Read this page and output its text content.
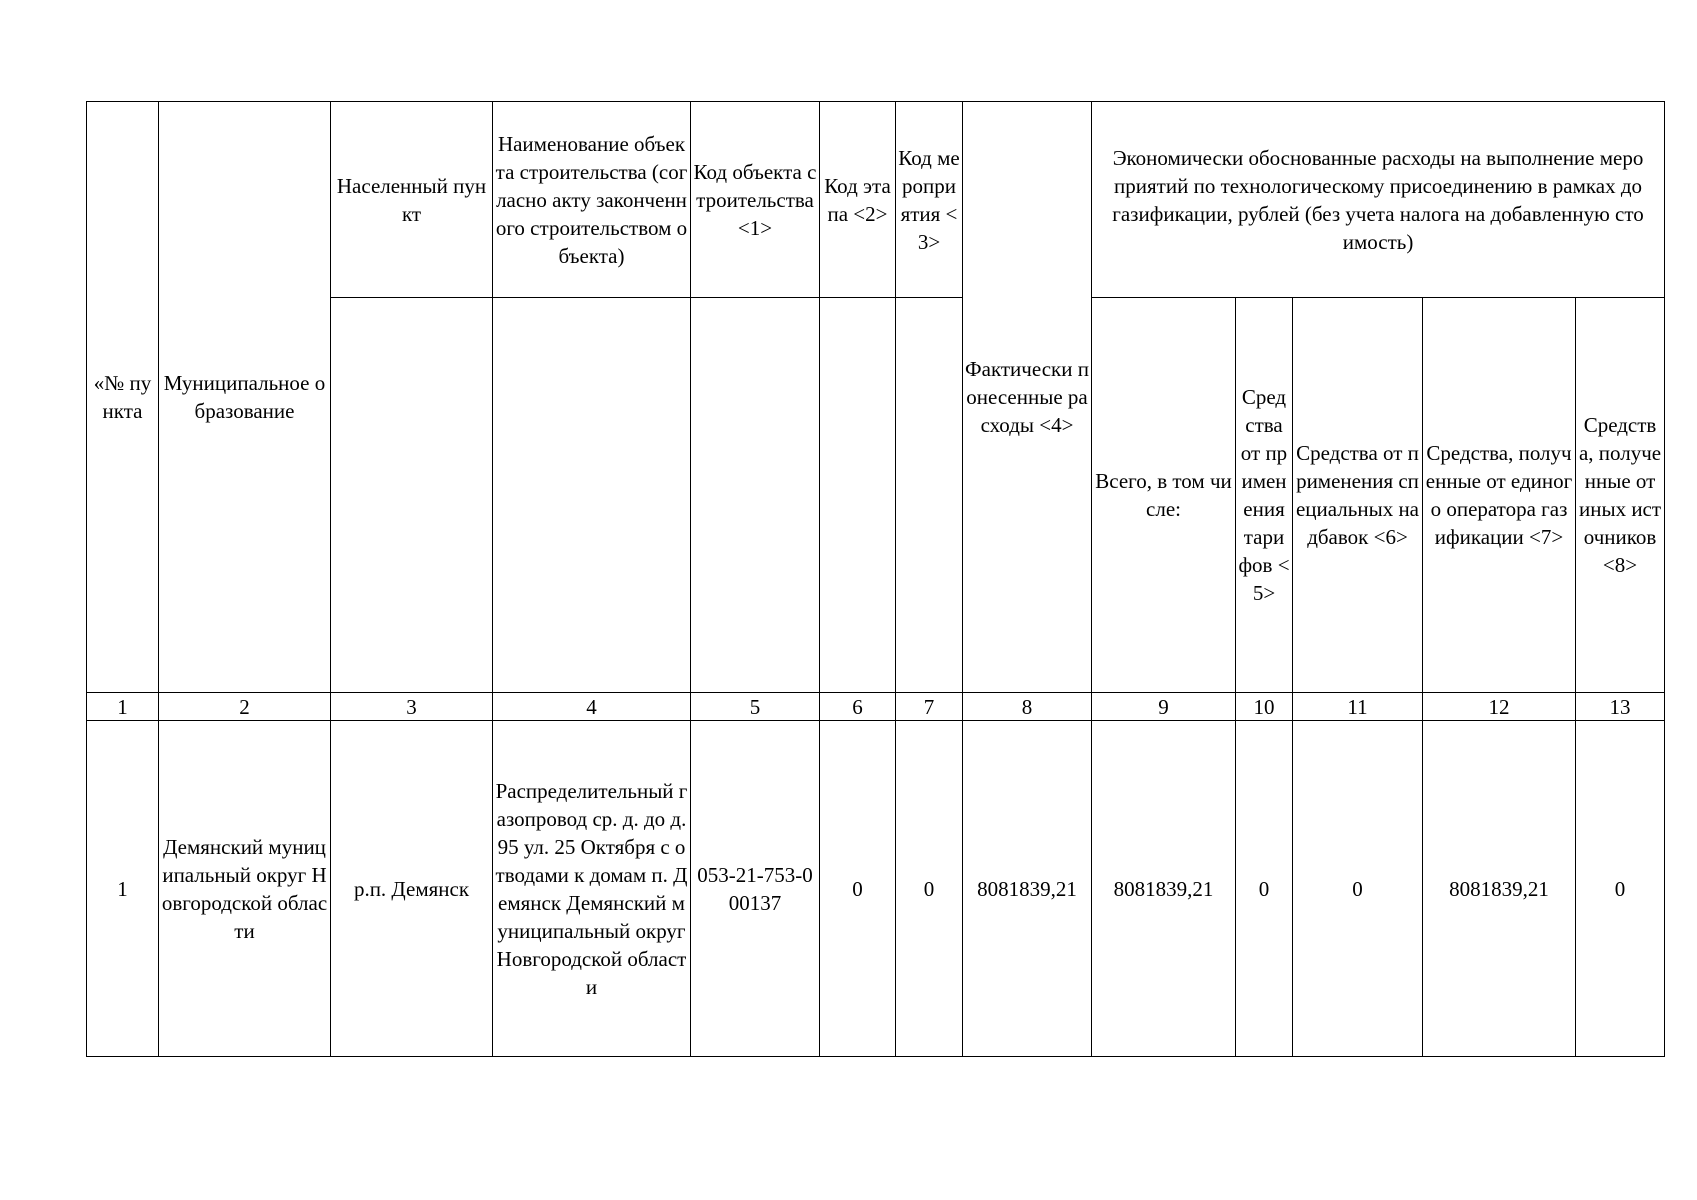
«№ пункта	Муниципальное образование	Населенный пункт	Наименование объекта строительства (согласно акту законченного строительством объекта)	Код объекта строительства <1>	Код этапа <2>	Код мероприятия <3>	Фактически понесенные расходы <4>	Экономически обоснованные расходы на выполнение мероприятий по технологическому присоединению в рамках догазификации, рублей (без учета налога на добавленную стоимость)				
								Всего, в том числе:	Средства от применения тарифов <5>	Средства от применения специальных надбавок <6>	Средства, полученные от единого оператора газификации <7>	Средства, полученные от иных источников <8>
1	2	3	4	5	6	7	8	9	10	11	12	13
1	Демянский муниципальный округ Новгородской области	р.п. Демянск	Распределительный газопровод ср. д. до д. 95 ул. 25 Октября с отводами к домам п. Демянск Демянский муниципальный округ Новгородской области	053-21-753-000137	0	0	8081839,21	8081839,21	0	0	8081839,21	0
